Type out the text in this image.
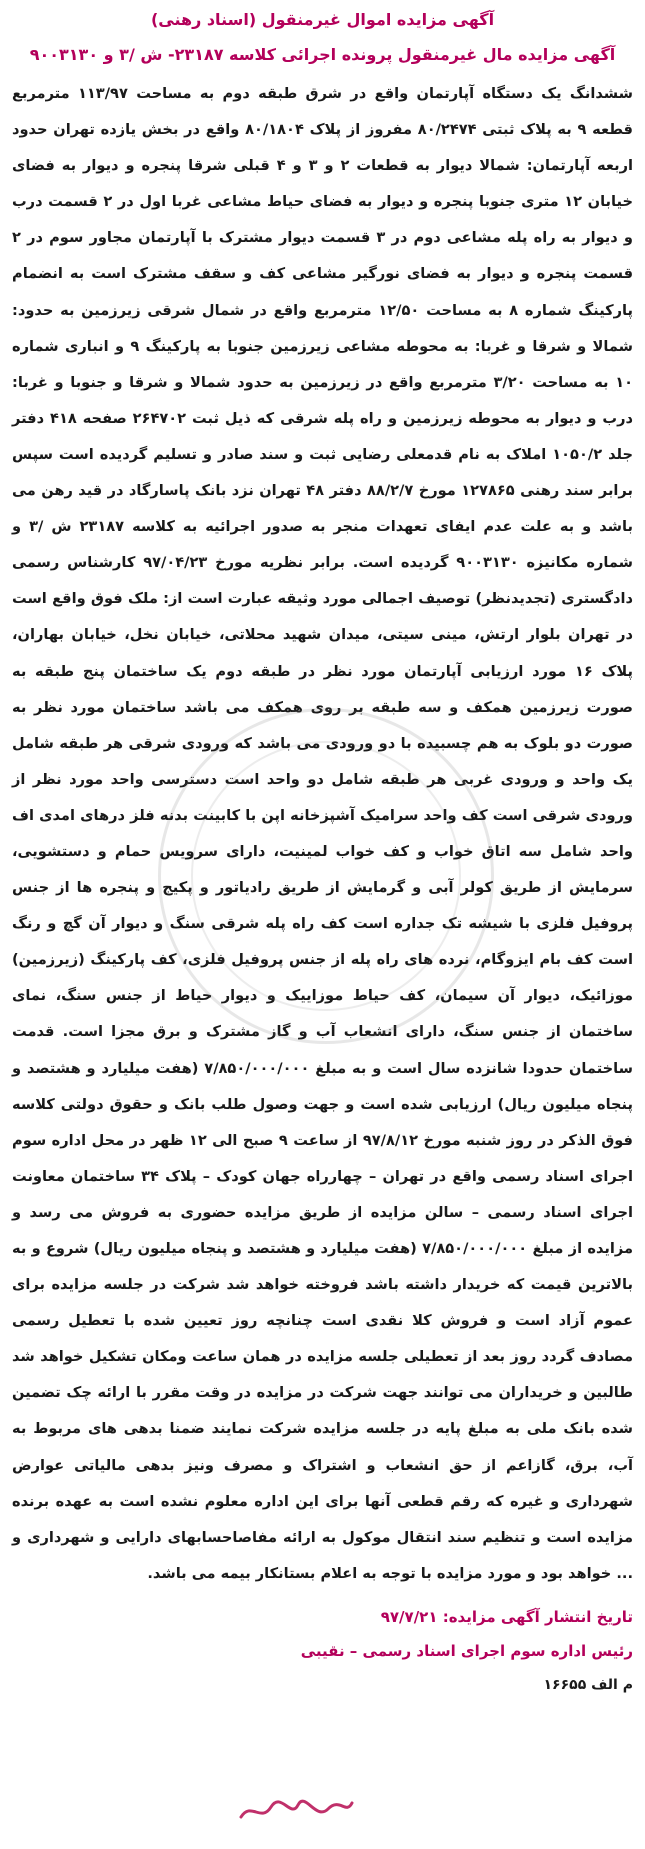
آگهی مزایده اموال غیرمنقول (اسناد رهنی)
آگهی مزایده مال غیرمنقول پرونده اجرائی کلاسه ۲۳۱۸۷- ش /۳ و ۹۰۰۳۱۳۰
ششدانگ یک دستگاه آپارتمان واقع در شرق طبقه دوم به مساحت ۱۱۳/۹۷ مترمربع قطعه ۹ به پلاک ثبتی ۸۰/۲۴۷۴ مفروز از پلاک ۸۰/۱۸۰۴ واقع در بخش یازده تهران حدود اربعه آپارتمان: شمالا دیوار به قطعات ۲ و ۳ و ۴ قبلی شرقا پنجره و دیوار به فضای خیابان ۱۲ متری جنوبا پنجره و دیوار به فضای حیاط مشاعی غربا اول در ۲ قسمت درب و دیوار به راه پله مشاعی دوم در ۳ قسمت دیوار مشترک با آپارتمان مجاور سوم در ۲ قسمت پنجره و دیوار به فضای نورگیر مشاعی کف و سقف مشترک است به انضمام پارکینگ شماره ۸ به مساحت ۱۲/۵۰ مترمربع واقع در شمال شرقی زیرزمین به حدود: شمالا و شرقا و غربا: به محوطه مشاعی زیرزمین جنوبا به پارکینگ ۹ و انباری شماره ۱۰ به مساحت ۳/۲۰ مترمربع واقع در زیرزمین به حدود شمالا و شرقا و جنوبا و غربا: درب و دیوار به محوطه زیرزمین و راه پله شرقی که ذیل ثبت ۲۶۴۷۰۲ صفحه ۴۱۸ دفتر جلد ۱۰۵۰/۲ املاک به نام قدمعلی رضایی ثبت و سند صادر و تسلیم گردیده است سپس برابر سند رهنی ۱۲۷۸۶۵ مورخ ۸۸/۲/۷ دفتر ۴۸ تهران نزد بانک پاسارگاد در قید رهن می باشد و به علت عدم ایفای تعهدات منجر به صدور اجرائیه به کلاسه ۲۳۱۸۷ ش /۳ و شماره مکانیزه ۹۰۰۳۱۳۰ گردیده است. برابر نظریه مورخ ۹۷/۰۴/۲۳ کارشناس رسمی دادگستری (تجدیدنظر) توصیف اجمالی مورد وثیقه عبارت است از: ملک فوق واقع است در تهران بلوار ارتش، مینی سیتی، میدان شهید محلاتی، خیابان نخل، خیابان بهاران، پلاک ۱۶ مورد ارزیابی آپارتمان مورد نظر در طبقه دوم یک ساختمان پنج طبقه به صورت زیرزمین همکف و سه طبقه بر روی همکف می باشد ساختمان مورد نظر به صورت دو بلوک به هم چسبیده با دو ورودی می باشد که ورودی شرقی هر طبقه شامل یک واحد و ورودی غربی هر طبقه شامل دو واحد است دسترسی واحد مورد نظر از ورودی شرقی است کف واحد سرامیک آشپزخانه اپن با کابینت بدنه فلز درهای امدی اف واحد شامل سه اتاق خواب و کف خواب لمینیت، دارای سرویس حمام و دستشویی، سرمایش از طریق کولر آبی و گرمایش از طریق رادیاتور و پکیج و پنجره ها از جنس پروفیل فلزی با شیشه تک جداره است کف راه پله شرقی سنگ و دیوار آن گچ و رنگ است کف بام ایزوگام، نرده های راه پله از جنس پروفیل فلزی، کف پارکینگ (زیرزمین) موزائیک، دیوار آن سیمان، کف حیاط موزاییک و دیوار حیاط از جنس سنگ، نمای ساختمان از جنس سنگ، دارای انشعاب آب و گاز مشترک و برق مجزا است. قدمت ساختمان حدودا شانزده سال است و به مبلغ ۷/۸۵۰/۰۰۰/۰۰۰ (هفت میلیارد و هشتصد و پنجاه میلیون ریال) ارزیابی شده است و جهت وصول طلب بانک و حقوق دولتی کلاسه فوق الذکر در روز شنبه مورخ ۹۷/۸/۱۲ از ساعت ۹ صبح الی ۱۲ ظهر در محل اداره سوم اجرای اسناد رسمی واقع در تهران – چهارراه جهان کودک – پلاک ۳۴ ساختمان معاونت اجرای اسناد رسمی – سالن مزایده از طریق مزایده حضوری به فروش می رسد و مزایده از مبلغ ۷/۸۵۰/۰۰۰/۰۰۰ (هفت میلیارد و هشتصد و پنجاه میلیون ریال) شروع و به بالاترین قیمت که خریدار داشته باشد فروخته خواهد شد شرکت در جلسه مزایده برای عموم آزاد است و فروش کلا نقدی است چنانچه روز تعیین شده با تعطیل رسمی مصادف گردد روز بعد از تعطیلی جلسه مزایده در همان ساعت ومکان تشکیل خواهد شد طالبین و خریداران می توانند جهت شرکت در مزایده در وقت مقرر با ارائه چک تضمین شده بانک ملی به مبلغ پایه در جلسه مزایده شرکت نمایند ضمنا بدهی های مربوط به آب، برق، گازاعم از حق انشعاب و اشتراک و مصرف ونیز بدهی مالیاتی عوارض شهرداری و غیره که رقم قطعی آنها برای این اداره معلوم نشده است به عهده برنده مزایده است و تنظیم سند انتقال موکول به ارائه مفاصاحسابهای دارایی و شهرداری و ... خواهد بود و مورد مزایده با توجه به اعلام بستانکار بیمه می باشد.
تاریخ انتشار آگهی مزایده: ۹۷/۷/۲۱
رئیس اداره سوم اجرای اسناد رسمی – نقیبی
م الف ۱۶۶۵۵
